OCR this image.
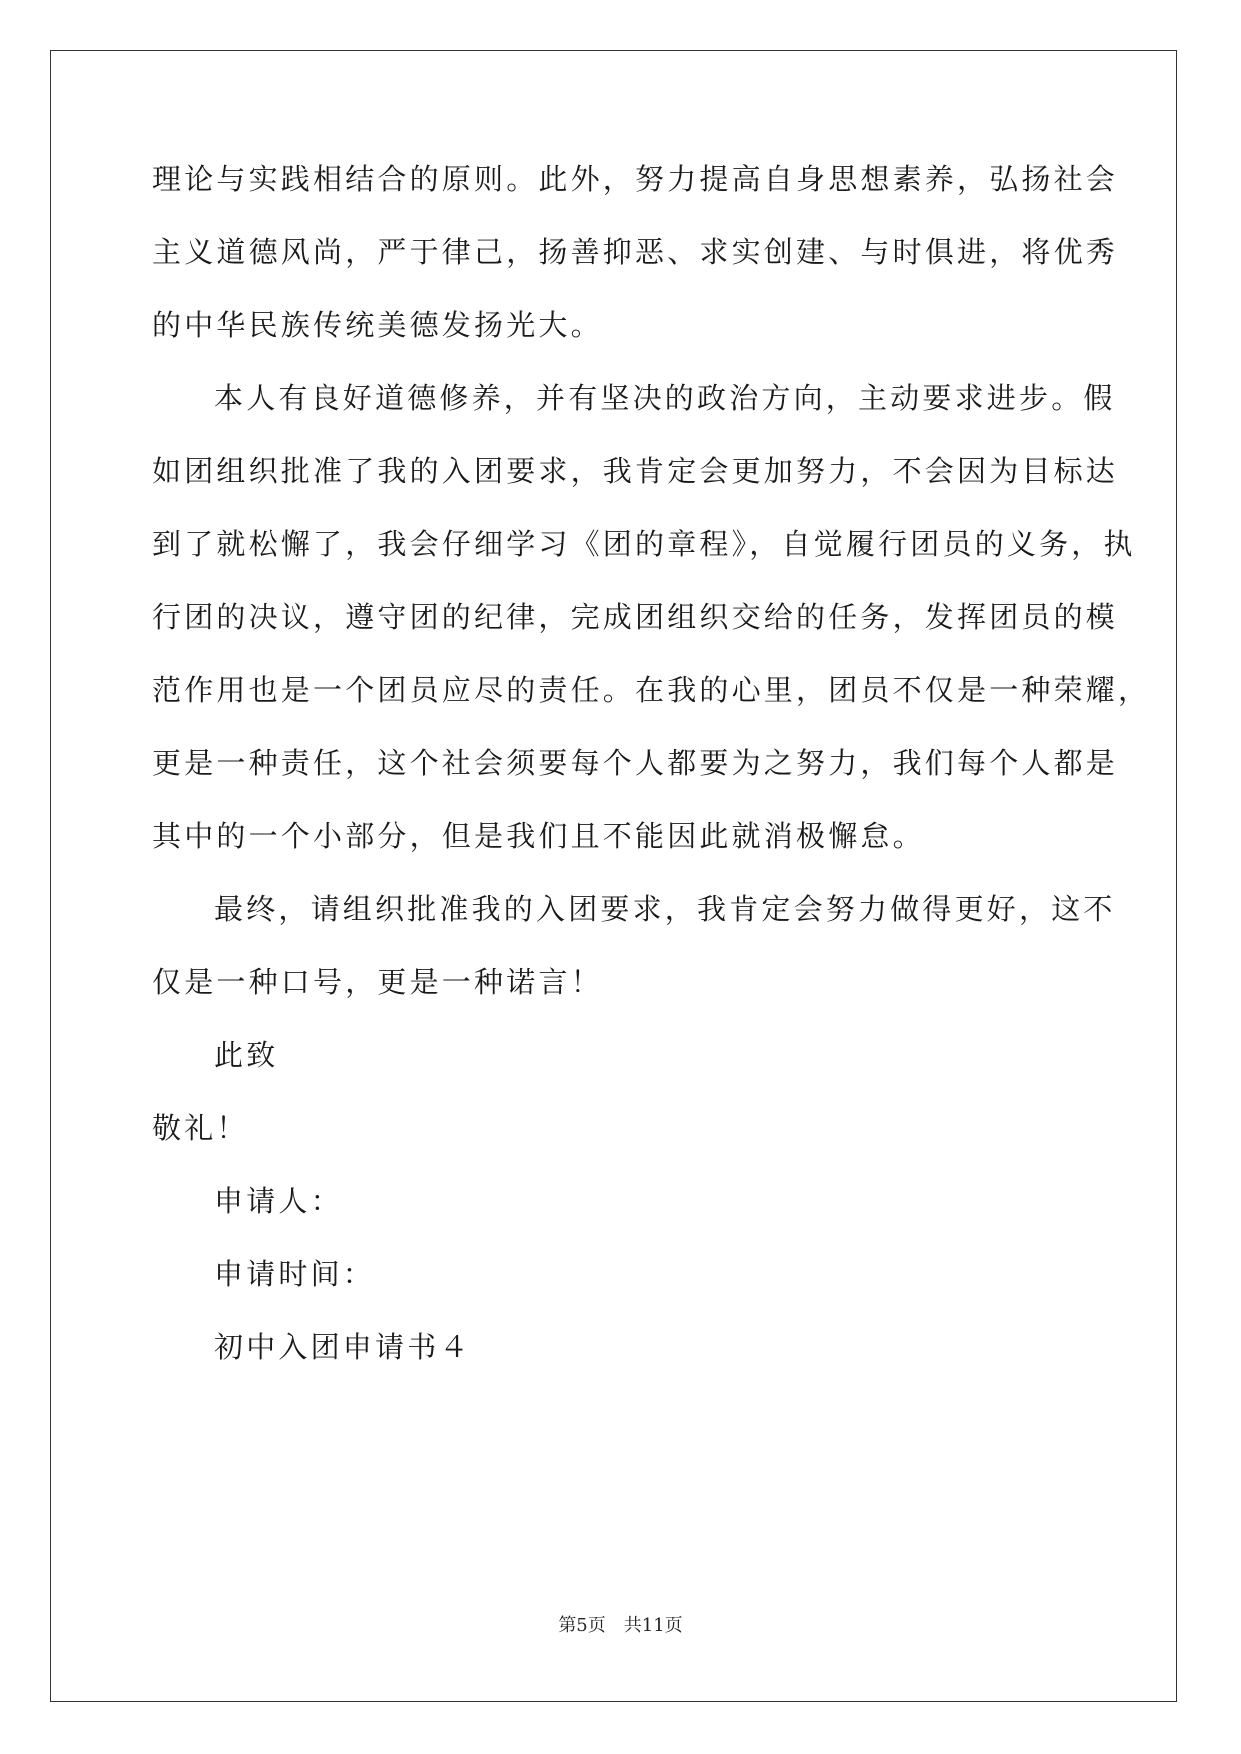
理论与实践相结合的原则。此外，努力提高自身思想素养，弘扬社会
主义道德风尚，严于律己，扬善抑恶、求实创建、与时俱进，将优秀
的中华民族传统美德发扬光大。
本人有良好道德修养，并有坚决的政治方向，主动要求进步。假
如团组织批准了我的入团要求，我肯定会更加努力，不会因为目标达
到了就松懈了，我会仔细学习《团的章程》，自觉履行团员的义务，执
行团的决议，遵守团的纪律，完成团组织交给的任务，发挥团员的模
范作用也是一个团员应尽的责任。在我的心里，团员不仅是一种荣耀，
更是一种责任，这个社会须要每个人都要为之努力，我们每个人都是
其中的一个小部分，但是我们且不能因此就消极懈怠。
最终，请组织批准我的入团要求，我肯定会努力做得更好，这不
仅是一种口号，更是一种诺言！
此致
敬礼！
申请人：
申请时间：
初中入团申请书４
第5页 共11页
